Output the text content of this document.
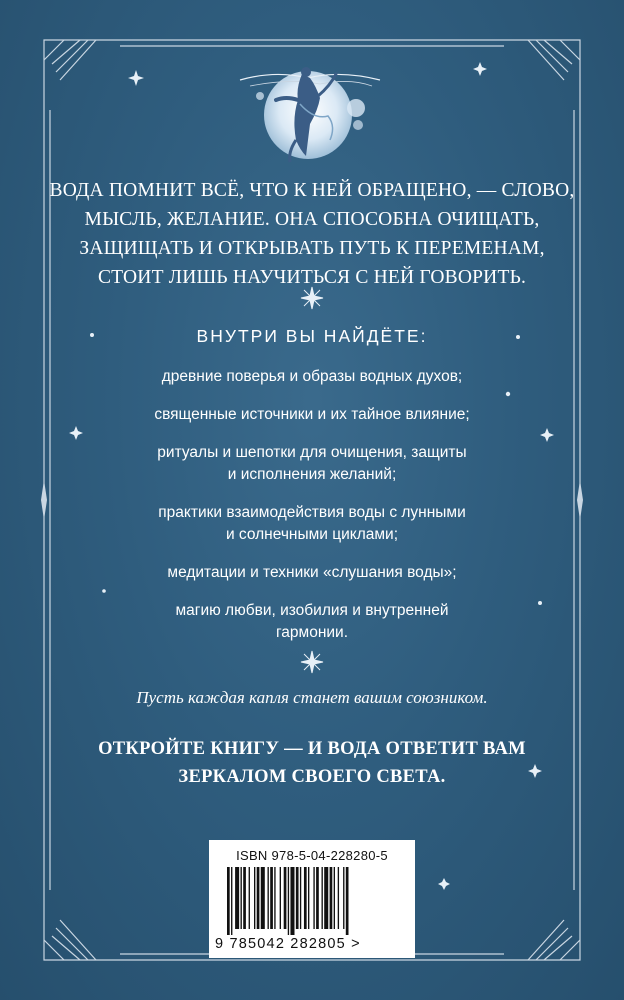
ВОДА ПОМНИТ ВСЁ, ЧТО К НЕЙ ОБРАЩЕНО, — СЛОВО,
МЫСЛЬ, ЖЕЛАНИЕ. ОНА СПОСОБНА ОЧИЩАТЬ,
ЗАЩИЩАТЬ И ОТКРЫВАТЬ ПУТЬ К ПЕРЕМЕНАМ,
СТОИТ ЛИШЬ НАУЧИТЬСЯ С НЕЙ ГОВОРИТЬ.
ВНУТРИ ВЫ НАЙДЁТЕ:
древние поверья и образы водных духов;
священные источники и их тайное влияние;
ритуалы и шепотки для очищения, защиты
и исполнения желаний;
практики взаимодействия воды с лунными
и солнечными циклами;
медитации и техники «слушания воды»;
магию любви, изобилия и внутренней
гармонии.
Пусть каждая капля станет вашим союзником.
ОТКРОЙТЕ КНИГУ — И ВОДА ОТВЕТИТ ВАМ
ЗЕРКАЛОМ СВОЕГО СВЕТА.
ISBN 978-5-04-228280-5
9 785042 282805 >
